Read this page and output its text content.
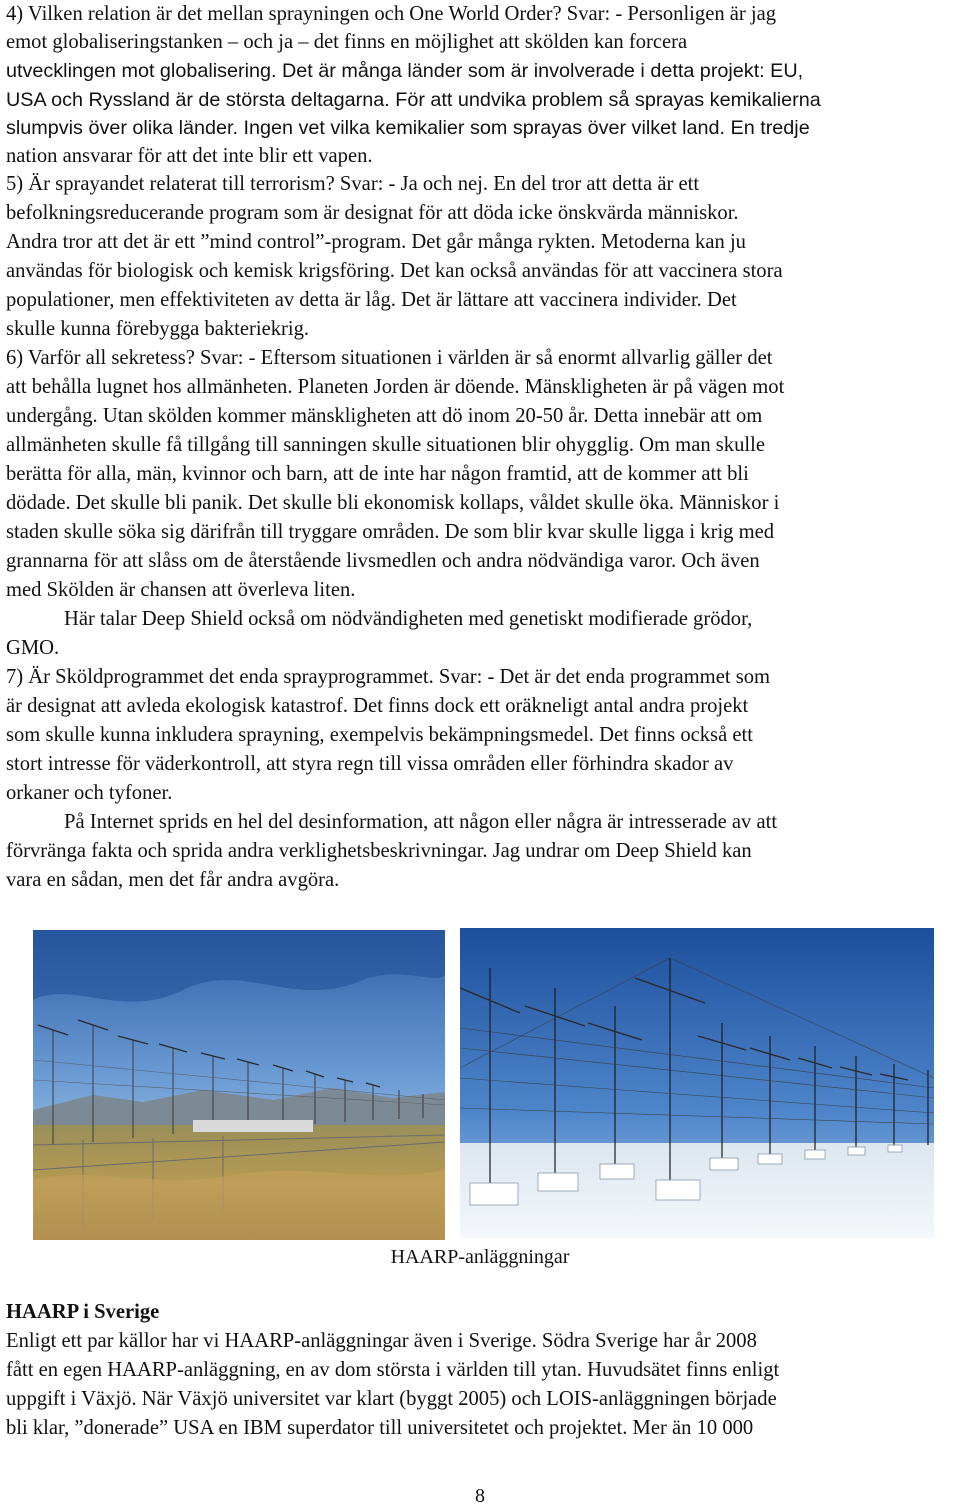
4) Vilken relation är det mellan sprayningen och One World Order? Svar: - Personligen är jag
emot globaliseringstanken – och ja – det finns en möjlighet att skölden kan forcera
utvecklingen mot globalisering. Det är många länder som är involverade i detta projekt: EU,
USA och Ryssland är de största deltagarna. För att undvika problem så sprayas kemikalierna
slumpvis över olika länder. Ingen vet vilka kemikalier som sprayas över vilket land. En tredje
nation ansvarar för att det inte blir ett vapen.
5) Är sprayandet relaterat till terrorism? Svar: - Ja och nej. En del tror att detta är ett
befolkningsreducerande program som är designat för att döda icke önskvärda människor.
Andra tror att det är ett ”mind control”-program. Det går många rykten. Metoderna kan ju
användas för biologisk och kemisk krigsföring. Det kan också användas för att vaccinera stora
populationer, men effektiviteten av detta är låg. Det är lättare att vaccinera individer. Det
skulle kunna förebygga bakteriekrig.
6) Varför all sekretess? Svar: - Eftersom situationen i världen är så enormt allvarlig gäller det
att behålla lugnet hos allmänheten. Planeten Jorden är döende. Mänskligheten är på vägen mot
undergång. Utan skölden kommer mänskligheten att dö inom 20-50 år. Detta innebär att om
allmänheten skulle få tillgång till sanningen skulle situationen blir ohygglig. Om man skulle
berätta för alla, män, kvinnor och barn, att de inte har någon framtid, att de kommer att bli
dödade. Det skulle bli panik. Det skulle bli ekonomisk kollaps, våldet skulle öka. Människor i
staden skulle söka sig därifrån till tryggare områden. De som blir kvar skulle ligga i krig med
grannarna för att slåss om de återstående livsmedlen och andra nödvändiga varor. Och även
med Skölden är chansen att överleva liten.
Här talar Deep Shield också om nödvändigheten med genetiskt modifierade grödor,
GMO.
7) Är Sköldprogrammet det enda sprayprogrammet. Svar: - Det är det enda programmet som
är designat att avleda ekologisk katastrof. Det finns dock ett oräkneligt antal andra projekt
som skulle kunna inkludera sprayning, exempelvis bekämpningsmedel. Det finns också ett
stort intresse för väderkontroll, att styra regn till vissa områden eller förhindra skador av
orkaner och tyfoner.
På Internet sprids en hel del desinformation, att någon eller några är intresserade av att
förvränga fakta och sprida andra verklighetsbeskrivningar. Jag undrar om Deep Shield kan
vara en sådan, men det får andra avgöra.
HAARP-anläggningar
HAARP i Sverige
Enligt ett par källor har vi HAARP-anläggningar även i Sverige. Södra Sverige har år 2008
fått en egen HAARP-anläggning, en av dom största i världen till ytan. Huvudsätet finns enligt
uppgift i Växjö. När Växjö universitet var klart (byggt 2005) och LOIS-anläggningen började
bli klar, ”donerade” USA en IBM superdator till universitetet och projektet. Mer än 10 000
8
